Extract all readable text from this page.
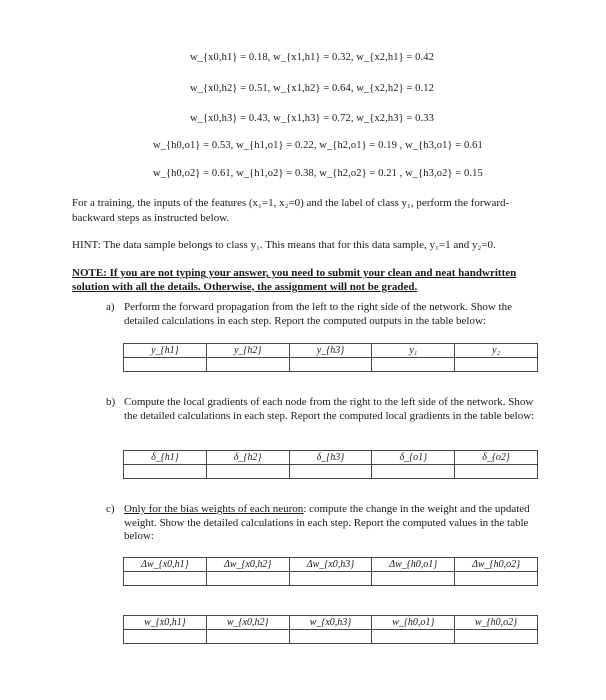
w_{x0,h1} = 0.18, w_{x1,h1} = 0.32, w_{x2,h1} = 0.42
w_{x0,h2} = 0.51, w_{x1,h2} = 0.64, w_{x2,h2} = 0.12
w_{x0,h3} = 0.43, w_{x1,h3} = 0.72, w_{x2,h3} = 0.33
w_{h0,o1} = 0.53, w_{h1,o1} = 0.22, w_{h2,o1} = 0.19 , w_{h3,o1} = 0.61
w_{h0,o2} = 0.61, w_{h1,o2} = 0.38, w_{h2,o2} = 0.21 , w_{h3,o2} = 0.15
For a training, the inputs of the features (x₁=1, x₂=0) and the label of class y₁, perform the forward-backward steps as instructed below.
HINT: The data sample belongs to class y₁. This means that for this data sample, y₁=1 and y₂=0.
NOTE: If you are not typing your answer, you need to submit your clean and neat handwritten solution with all the details. Otherwise, the assignment will not be graded.
a) Perform the forward propagation from the left to the right side of the network. Show the detailed calculations in each step. Report the computed outputs in the table below:
y_{h1}	y_{h2}	y_{h3}	y₁	y₂

b) Compute the local gradients of each node from the right to the left side of the network. Show the detailed calculations in each step. Report the computed local gradients in the table below:
δ_{h1}	δ_{h2}	δ_{h3}	δ_{o1}	δ_{o2}

c) Only for the bias weights of each neuron: compute the change in the weight and the updated weight. Show the detailed calculations in each step. Report the computed values in the table below:
Δw_{x0,h1}	Δw_{x0,h2}	Δw_{x0,h3}	Δw_{h0,o1}	Δw_{h0,o2}

w_{x0,h1}	w_{x0,h2}	w_{x0,h3}	w_{h0,o1}	w_{h0,o2}
